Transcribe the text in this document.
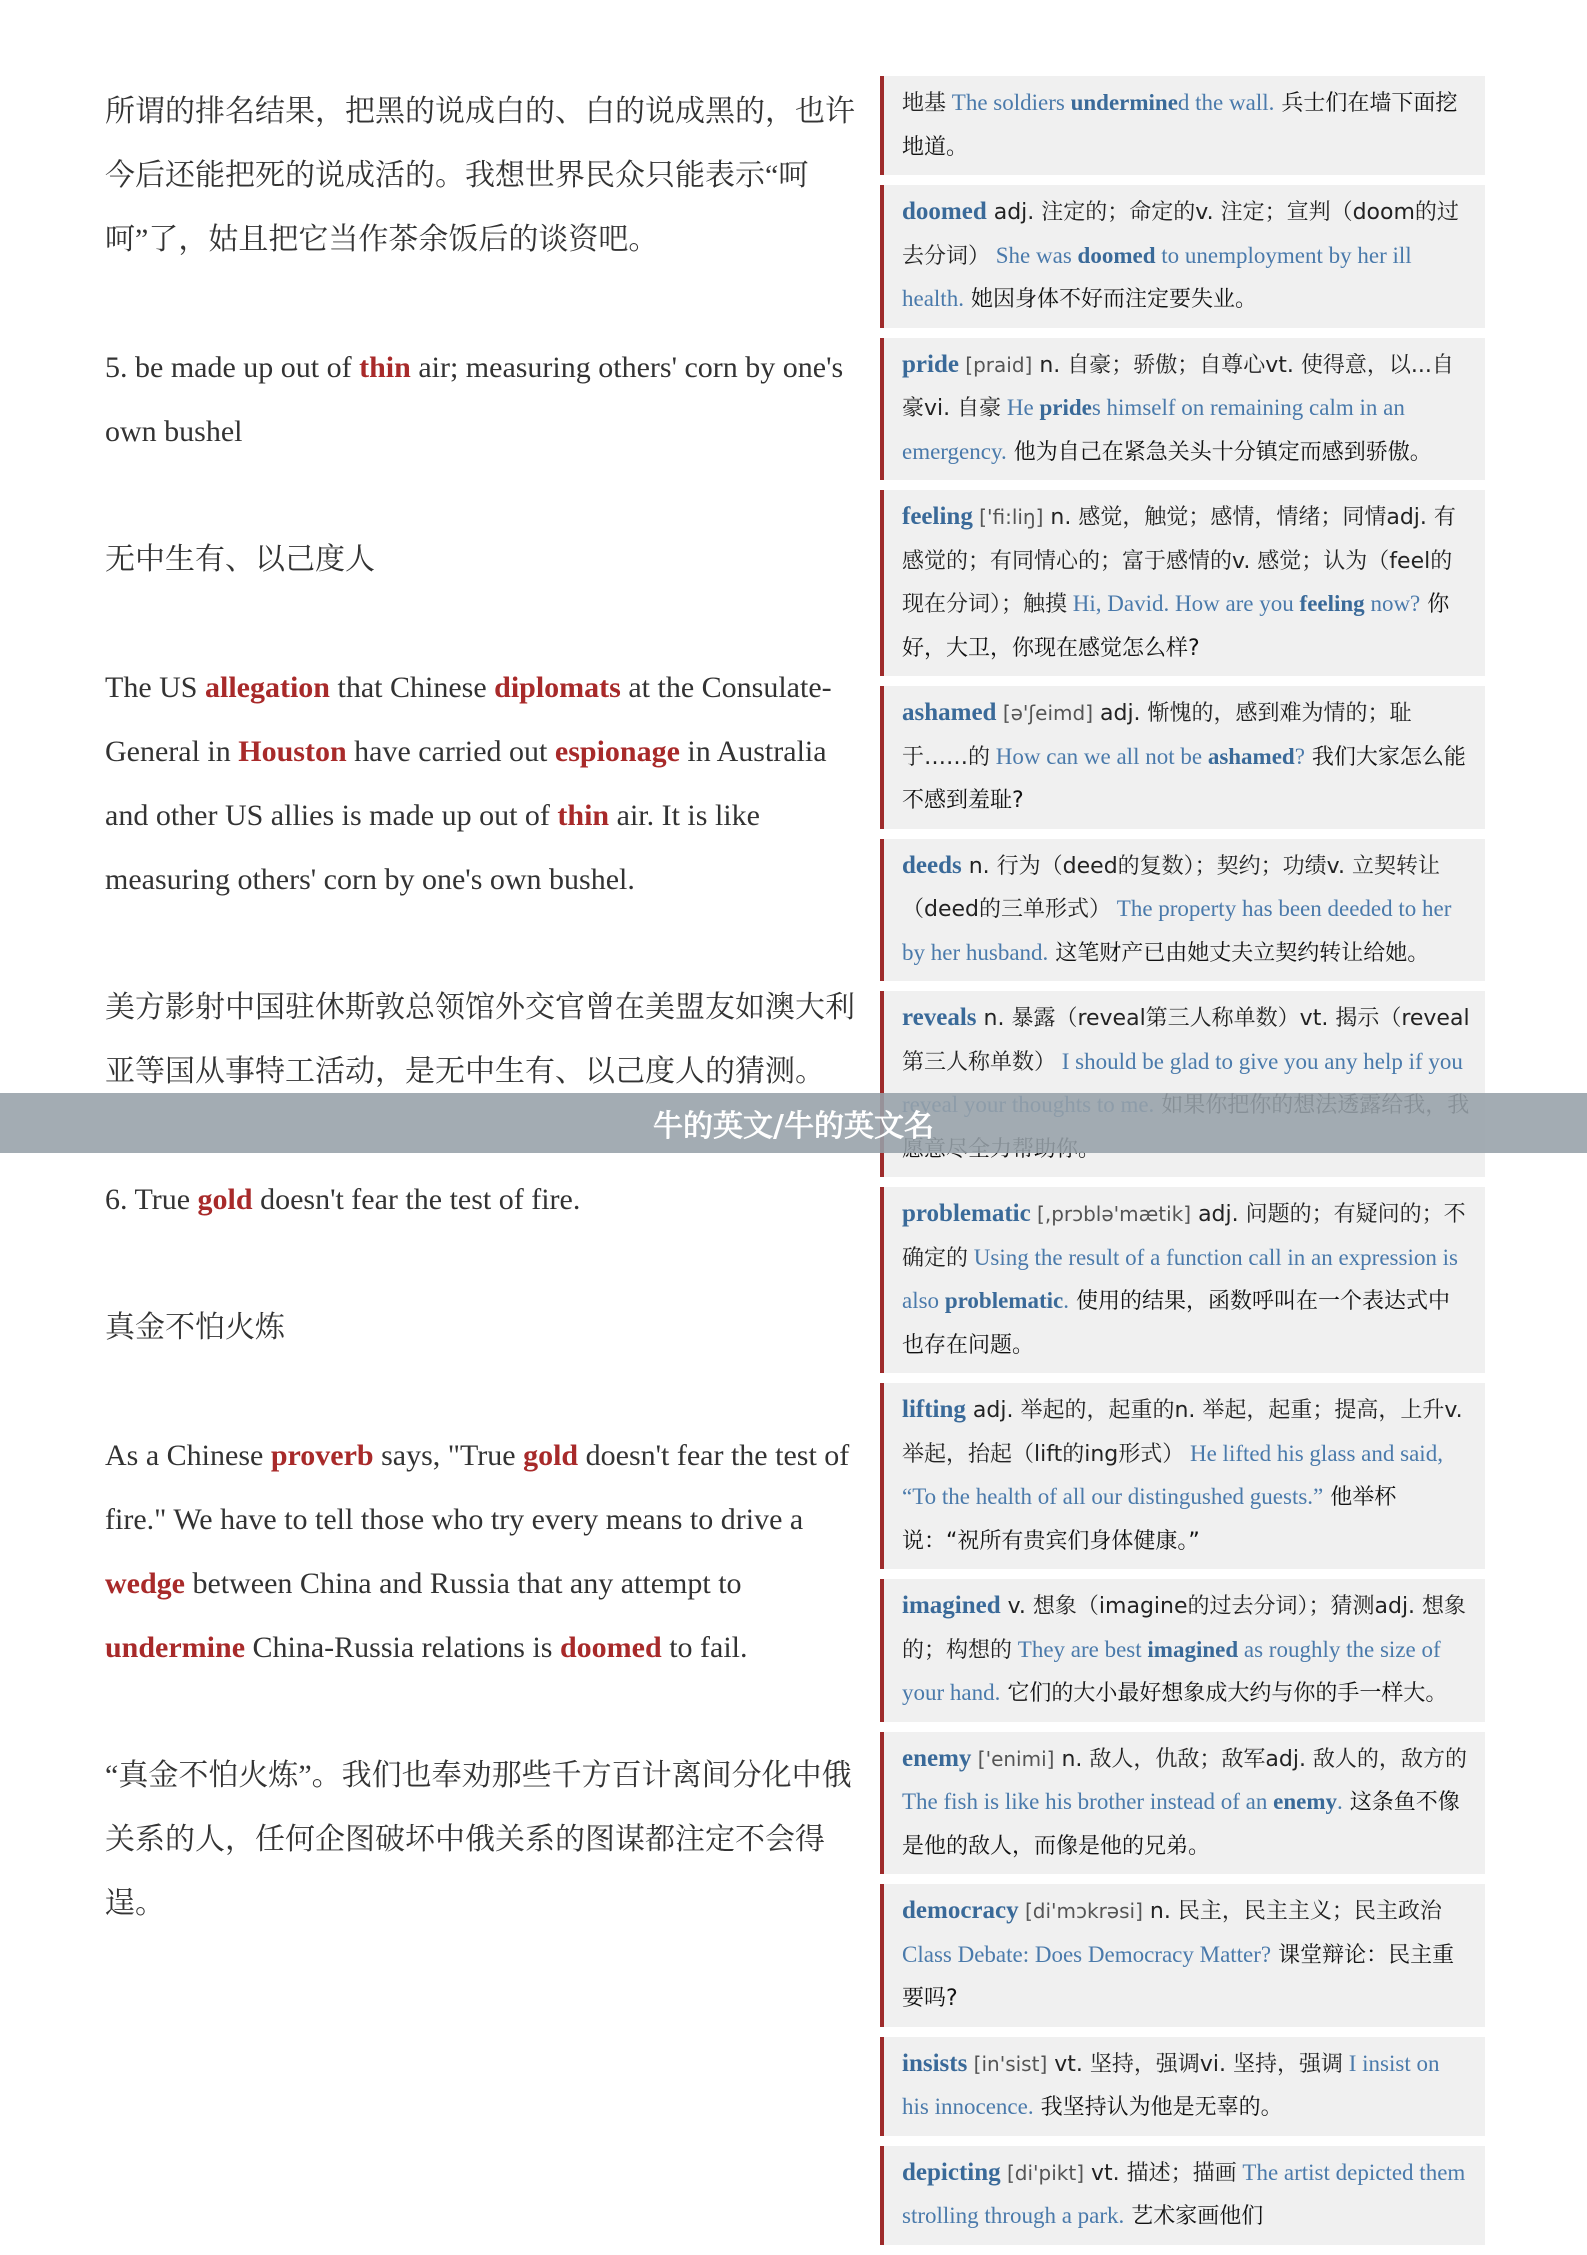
所谓的排名结果，把黑的说成白的、白的说成黑的，也许今后还能把死的说成活的。我想世界民众只能表示“呵呵”了，姑且把它当作茶余饭后的谈资吧。

5. be made up out of thin air; measuring others' corn by one's own bushel

无中生有、以己度人

The US allegation that Chinese diplomats at the Consulate-General in Houston have carried out espionage in Australia and other US allies is made up out of thin air. It is like measuring others' corn by one's own bushel.

美方影射中国驻休斯敦总领馆外交官曾在美盟友如澳大利亚等国从事特工活动，是无中生有、以己度人的猜测。

6. True gold doesn't fear the test of fire.

真金不怕火炼

As a Chinese proverb says, "True gold doesn't fear the test of fire." We have to tell those who try every means to drive a wedge between China and Russia that any attempt to undermine China-Russia relations is doomed to fail.

“真金不怕火炼”。我们也奉劝那些千方百计离间分化中俄关系的人，任何企图破坏中俄关系的图谋都注定不会得逞。

地基 The soldiers undermined the wall. 兵士们在墙下面挖地道。
doomed adj. 注定的；命定的v. 注定；宣判（doom的过去分词） She was doomed to unemployment by her ill health. 她因身体不好而注定要失业。
pride [praid] n. 自豪；骄傲；自尊心vt. 使得意，以...自豪vi. 自豪 He prides himself on remaining calm in an emergency. 他为自己在紧急关头十分镇定而感到骄傲。
feeling ['fi:liŋ] n. 感觉，触觉；感情，情绪；同情adj. 有感觉的；有同情心的；富于感情的v. 感觉；认为（feel的现在分词）；触摸 Hi, David. How are you feeling now? 你好，大卫，你现在感觉怎么样?
ashamed [ə'ʃeimd] adj. 惭愧的，感到难为情的；耻于……的 How can we all not be ashamed? 我们大家怎么能不感到羞耻?
deeds n. 行为（deed的复数）；契约；功绩v. 立契转让（deed的三单形式） The property has been deeded to her by her husband. 这笔财产已由她丈夫立契约转让给她。
reveals n. 暴露（reveal第三人称单数）vt. 揭示（reveal第三人称单数） I should be glad to give you any help if you
problematic [,prɔblə'mætik] adj. 问题的；有疑问的；不确定的 Using the result of a function call in an expression is also problematic. 使用的结果，函数呼叫在一个表达式中也存在问题。
lifting adj. 举起的，起重的n. 举起，起重；提高，上升v. 举起，抬起（lift的ing形式） He lifted his glass and said, “To the health of all our distingushed guests.” 他举杯说：“祝所有贵宾们身体健康。”
imagined v. 想象（imagine的过去分词）；猜测adj. 想象的；构想的 They are best imagined as roughly the size of your hand. 它们的大小最好想象成大约与你的手一样大。
enemy ['enimi] n. 敌人，仇敌；敌军adj. 敌人的，敌方的 The fish is like his brother instead of an enemy. 这条鱼不像是他的敌人，而像是他的兄弟。
democracy [di'mɔkrəsi] n. 民主，民主主义；民主政治 Class Debate: Does Democracy Matter? 课堂辩论：民主重要吗?
insists [in'sist] vt. 坚持，强调vi. 坚持，强调 I insist on his innocence. 我坚持认为他是无辜的。
depicting [di'pikt] vt. 描述；描画 The artist depicted them strolling through a park. 艺术家画他们
牛的英文/牛的英文名
